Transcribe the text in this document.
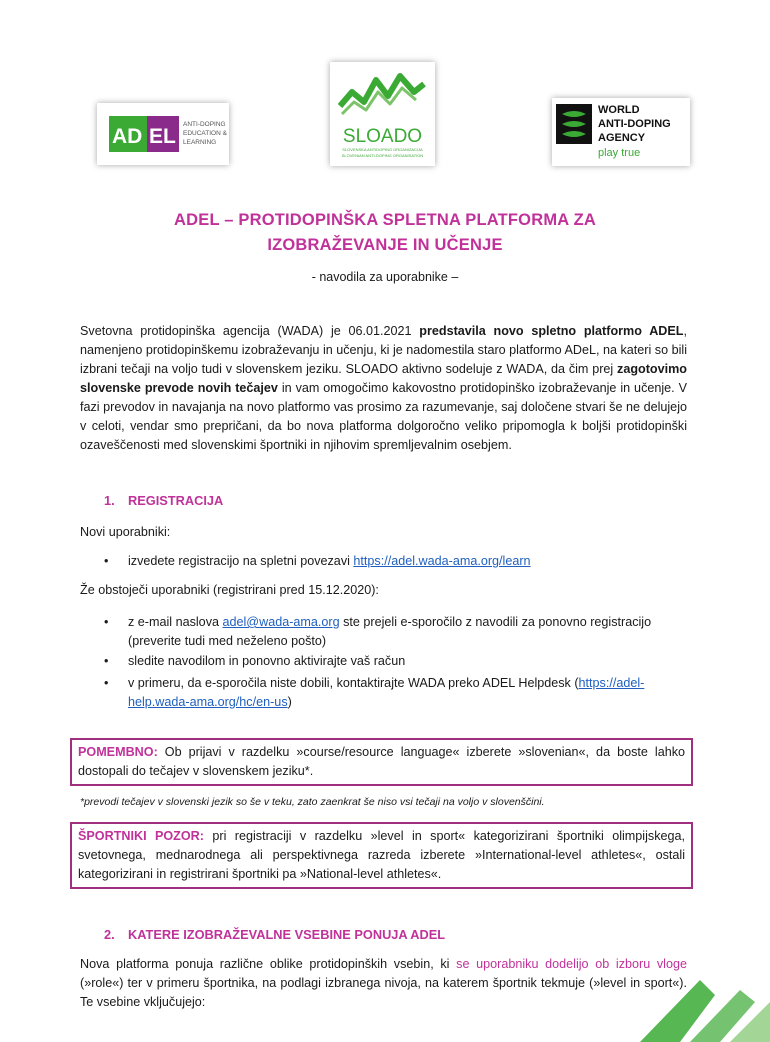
AD EL
ANTI-DOPING
EDUCATION &
LEARNING	SLOADO
SLOVENSKA ANTIDOPING ORGANIZACIJA
SLOVENIAN ANTI-DOPING ORGANISATION
WORLD
ANTI-DOPING
AGENCY
play true
ADEL – PROTIDOPINŠKA SPLETNA PLATFORMA ZA
IZOBRAŽEVANJE IN UČENJE
- navodila za uporabnike –
Svetovna protidopinška agencija (WADA) je 06.01.2021 predstavila novo spletno platformo ADEL, namenjeno protidopinškemu izobraževanju in učenju, ki je nadomestila staro platformo ADeL, na kateri so bili izbrani tečaji na voljo tudi v slovenskem jeziku. SLOADO aktivno sodeluje z WADA, da čim prej zagotovimo slovenske prevode novih tečajev in vam omogočimo kakovostno protidopinško izobraževanje in učenje. V fazi prevodov in navajanja na novo platformo vas prosimo za razumevanje, saj določene stvari še ne delujejo v celoti, vendar smo prepričani, da bo nova platforma dolgoročno veliko pripomogla k boljši protidopinški ozaveščenosti med slovenskimi športniki in njihovim spremljevalnim osebjem.
1. REGISTRACIJA
Novi uporabniki:
• izvedete registracijo na spletni povezavi https://adel.wada-ama.org/learn
Že obstoječi uporabniki (registrirani pred 15.12.2020):
• z e-mail naslova adel@wada-ama.org ste prejeli e-sporočilo z navodili za ponovno registracijo (preverite tudi med neželeno pošto)
• sledite navodilom in ponovno aktivirajte vaš račun
• v primeru, da e-sporočila niste dobili, kontaktirajte WADA preko ADEL Helpdesk (https://adel-help.wada-ama.org/hc/en-us)
POMEMBNO: Ob prijavi v razdelku »course/resource language« izberete »slovenian«, da boste lahko dostopali do tečajev v slovenskem jeziku*.
*prevodi tečajev v slovenski jezik so še v teku, zato zaenkrat še niso vsi tečaji na voljo v slovenščini.
ŠPORTNIKI POZOR: pri registraciji v razdelku »level in sport« kategorizirani športniki olimpijskega, svetovnega, mednarodnega ali perspektivnega razreda izberete »International-level athletes«, ostali kategorizirani in registrirani športniki pa »National-level athletes«.
2. KATERE IZOBRAŽEVALNE VSEBINE PONUJA ADEL
Nova platforma ponuja različne oblike protidopinških vsebin, ki se uporabniku dodelijo ob izboru vloge (»role«) ter v primeru športnika, na podlagi izbranega nivoja, na katerem športnik tekmuje (»level in sport«). Te vsebine vključujejo:
